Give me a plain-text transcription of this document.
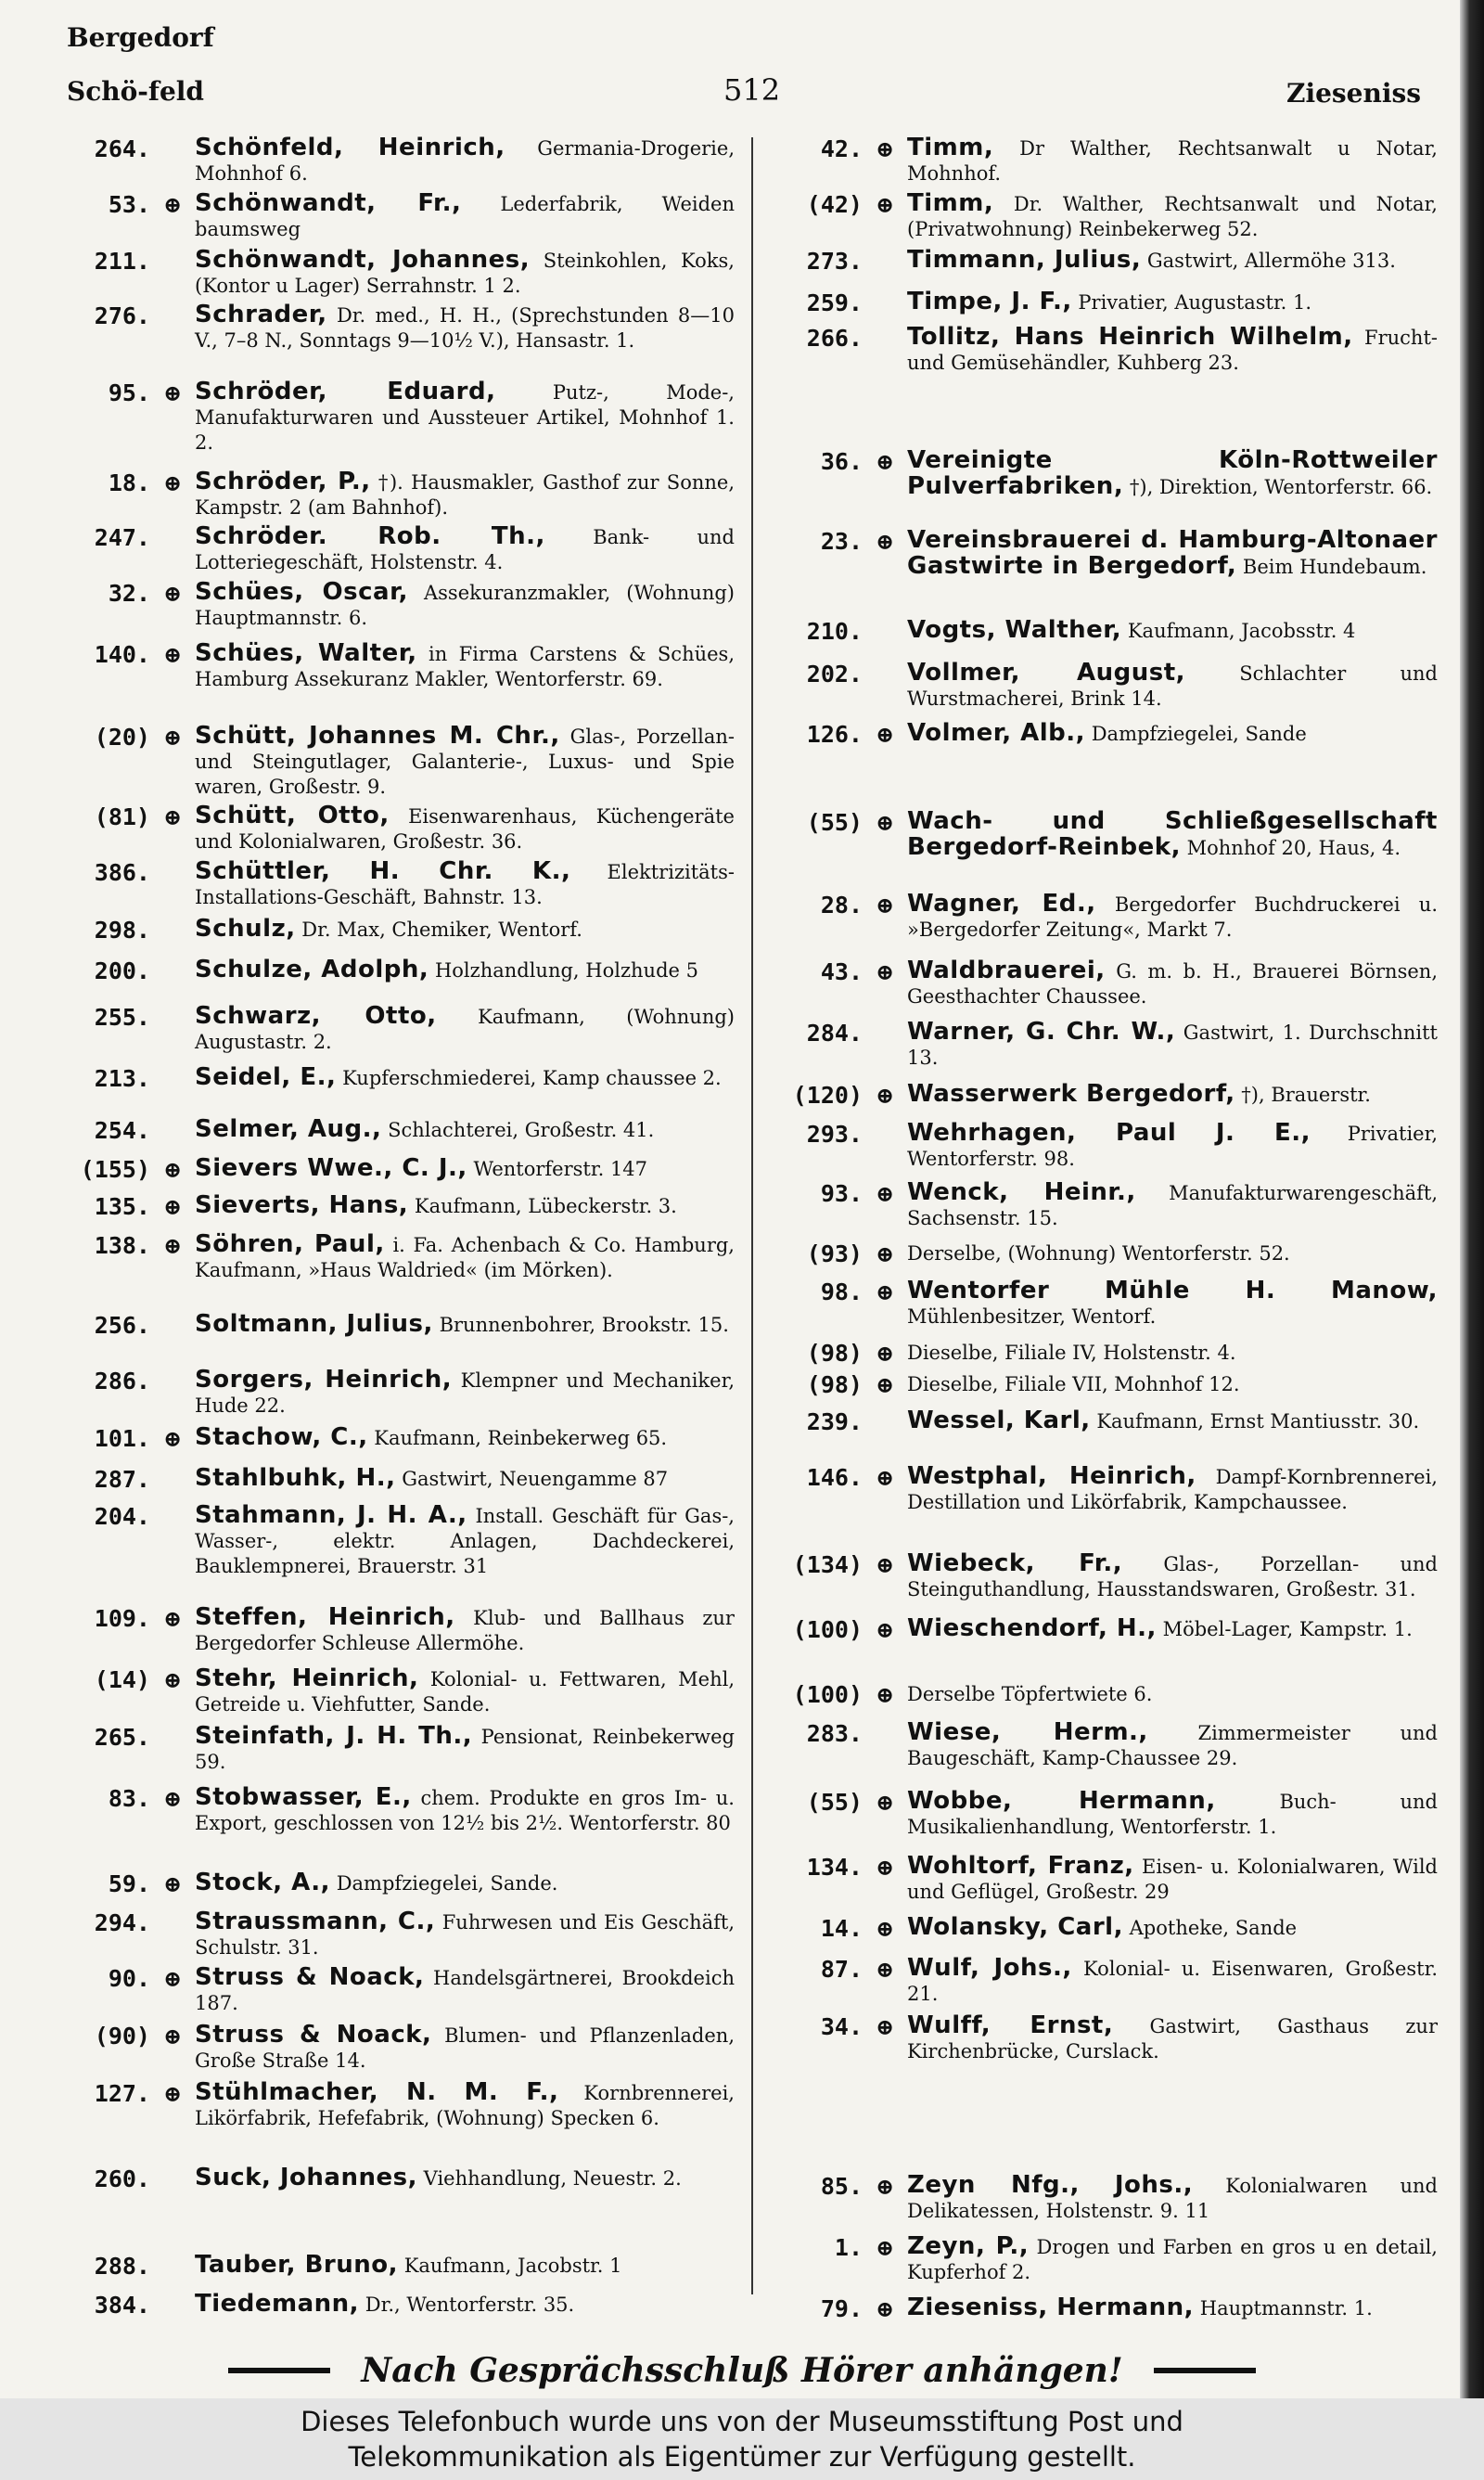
Bergedorf
Schö-feld	512	Zieseniss
264. Schönfeld, Heinrich, Germania-Drogerie, Mohnhof 6.
53. ⊕ Schönwandt, Fr., Lederfabrik, Weiden baumsweg
211. Schönwandt, Johannes, Steinkohlen, Koks, (Kontor u Lager) Serrahnstr. 1 2.
276. Schrader, Dr. med., H. H., (Sprechstunden 8—10 V., 7–8 N., Sonntags 9—10½ V.), Hansastr. 1.
95. ⊕ Schröder, Eduard,	Putz-, Mode-, Manufakturwaren und Aussteuer Artikel, Mohnhof 1. 2.
18. ⊕ Schröder, P., †). Hausmakler, Gasthof zur Sonne, Kampstr. 2 (am Bahnhof).
247. Schröder. Rob. Th., Bank- und Lotteriegeschäft, Holstenstr. 4.
32. ⊕ Schües, Oscar, Assekuranzmakler, (Wohnung) Hauptmannstr. 6.
140. ⊕ Schües, Walter, in Firma Carstens & Schües, Hamburg Assekuranz Makler, Wentorferstr. 69.
(20) ⊕ Schütt, Johannes M. Chr., Glas-, Porzellan- und Steingutlager, Galanterie-, Luxus- und Spie waren, Großestr. 9.
(81) ⊕ Schütt, Otto, Eisenwarenhaus, Küchengeräte und Kolonialwaren, Großestr. 36.
386. Schüttler, H. Chr. K., Elektrizitäts-Installations-Geschäft, Bahnstr. 13.
298. Schulz, Dr. Max, Chemiker, Wentorf.
200. Schulze, Adolph, Holzhandlung, Holzhude 5
255. Schwarz, Otto, Kaufmann, (Wohnung) Augustastr. 2.
213. Seidel, E., Kupferschmiederei, Kamp chaussee 2.
254. Selmer, Aug., Schlachterei, Großestr. 41.
(155) ⊕ Sievers Wwe., C. J., Wentorferstr. 147
135. ⊕ Sieverts, Hans, Kaufmann, Lübeckerstr. 3.
138. ⊕ Söhren, Paul, i. Fa. Achenbach & Co. Hamburg, Kaufmann, »Haus Waldried« (im Mörken).
256. Soltmann, Julius, Brunnenbohrer, Brookstr. 15.
286. Sorgers, Heinrich, Klempner und Mechaniker, Hude 22.
101. ⊕ Stachow, C., Kaufmann, Reinbekerweg 65.
287. Stahlbuhk, H., Gastwirt, Neuengamme 87
204. Stahmann, J. H. A., Install. Geschäft für Gas-, Wasser-, elektr. Anlagen, Dachdeckerei, Bauklempnerei, Brauerstr. 31
109. ⊕ Steffen, Heinrich, Klub- und Ballhaus zur Bergedorfer Schleuse Allermöhe.
(14) ⊕ Stehr, Heinrich, Kolonial- u. Fettwaren, Mehl, Getreide u. Viehfutter, Sande.
265. Steinfath, J. H. Th., Pensionat, Reinbekerweg 59.
83. ⊕ Stobwasser, E., chem. Produkte en gros Im- u. Export, geschlossen von 12½ bis 2½. Wentorferstr. 80
59. ⊕ Stock, A., Dampfziegelei, Sande.
294. Straussmann, C., Fuhrwesen und Eis Geschäft, Schulstr. 31.
90. ⊕ Struss & Noack, Handelsgärtnerei, Brookdeich 187.
(90) ⊕ Struss & Noack, Blumen- und Pflanzenladen, Große Straße 14.
127. ⊕ Stühlmacher, N. M. F., Kornbrennerei, Likörfabrik, Hefefabrik, (Wohnung) Specken 6.
260. Suck, Johannes, Viehhandlung, Neuestr. 2.
288. Tauber, Bruno, Kaufmann, Jacobstr. 1
384. Tiedemann, Dr., Wentorferstr. 35.
42. ⊕ Timm, Dr Walther, Rechtsanwalt u Notar, Mohnhof.
(42) ⊕ Timm, Dr. Walther, Rechtsanwalt und Notar, (Privatwohnung) Reinbekerweg 52.
273. Timmann, Julius, Gastwirt, Allermöhe 313.
259. Timpe, J. F., Privatier, Augustastr. 1.
266. Tollitz, Hans Heinrich Wilhelm, Frucht- und Gemüsehändler, Kuhberg 23.
36. ⊕ Vereinigte Köln-Rottweiler Pulverfabriken, †), Direktion, Wentorferstr. 66.
23. ⊕ Vereinsbrauerei d. Hamburg-Altonaer Gastwirte in Bergedorf, Beim Hundebaum.
210. Vogts, Walther, Kaufmann, Jacobsstr. 4
202. Vollmer, August,	Schlachter und Wurstmacherei, Brink 14.
126. ⊕ Volmer, Alb., Dampfziegelei, Sande
(55) ⊕ Wach- und Schließgesellschaft Bergedorf-Reinbek, Mohnhof 20, Haus, 4.
28. ⊕ Wagner, Ed., Bergedorfer Buchdruckerei u. »Bergedorfer Zeitung«, Markt 7.
43. ⊕ Waldbrauerei, G. m. b. H., Brauerei Börnsen, Geesthachter Chaussee.
284. Warner, G. Chr. W., Gastwirt, 1. Durchschnitt 13.
(120) ⊕ Wasserwerk Bergedorf, †), Brauerstr.
293. Wehrhagen, Paul J. E., Privatier, Wentorferstr. 98.
93. ⊕ Wenck, Heinr., Manufakturwarengeschäft, Sachsenstr. 15.
(93) ⊕ Derselbe, (Wohnung) Wentorferstr. 52.
98. ⊕ Wentorfer Mühle H. Manow, Mühlenbesitzer, Wentorf.
(98) ⊕ Dieselbe, Filiale IV, Holstenstr. 4.
(98) ⊕ Dieselbe, Filiale VII, Mohnhof 12.
239. Wessel, Karl, Kaufmann, Ernst Mantiusstr. 30.
146. ⊕ Westphal, Heinrich, Dampf-Kornbrennerei, Destillation und Likörfabrik, Kampchaussee.
(134) ⊕ Wiebeck, Fr., Glas-, Porzellan- und Steinguthandlung, Hausstandswaren, Großestr. 31.
(100) ⊕ Wieschendorf, H., Möbel-Lager, Kampstr. 1.
(100) ⊕ Derselbe Töpfertwiete 6.
283. Wiese, Herm.,	Zimmermeister und Baugeschäft, Kamp-Chaussee 29.
(55) ⊕ Wobbe, Hermann,	Buch- und Musikalienhandlung, Wentorferstr. 1.
134. ⊕ Wohltorf, Franz, Eisen- u. Kolonialwaren, Wild und Geflügel, Großestr. 29
14. ⊕ Wolansky, Carl, Apotheke, Sande
87. ⊕ Wulf, Johs., Kolonial- u. Eisenwaren, Großestr. 21.
34. ⊕ Wulff, Ernst, Gastwirt, Gasthaus zur Kirchenbrücke, Curslack.
85. ⊕ Zeyn Nfg., Johs., Kolonialwaren und Delikatessen, Holstenstr. 9. 11
1. ⊕ Zeyn, P., Drogen und Farben en gros u en detail, Kupferhof 2.
79. ⊕ Zieseniss, Hermann, Hauptmannstr. 1.
Nach Gesprächsschluß Hörer anhängen!
Dieses Telefonbuch wurde uns von der Museumsstiftung Post und
Telekommunikation als Eigentümer zur Verfügung gestellt.
